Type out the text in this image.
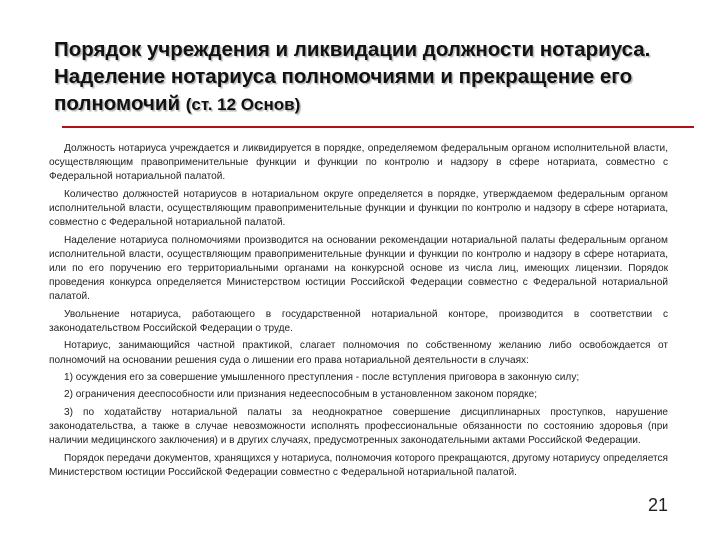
Порядок учреждения и ликвидации должности нотариуса. Наделение нотариуса полномочиями и прекращение его полномочий (ст. 12 Основ)

Должность нотариуса учреждается и ликвидируется в порядке, определяемом федеральным органом исполнительной власти, осуществляющим правоприменительные функции и функции по контролю и надзору в сфере нотариата, совместно с Федеральной нотариальной палатой.

Количество должностей нотариусов в нотариальном округе определяется в порядке, утверждаемом федеральным органом исполнительной власти, осуществляющим правоприменительные функции и функции по контролю и надзору в сфере нотариата, совместно с Федеральной нотариальной палатой.

Наделение нотариуса полномочиями производится на основании рекомендации нотариальной палаты федеральным органом исполнительной власти, осуществляющим правоприменительные функции и функции по контролю и надзору в сфере нотариата, или по его поручению его территориальными органами на конкурсной основе из числа лиц, имеющих лицензии. Порядок проведения конкурса определяется Министерством юстиции Российской Федерации совместно с Федеральной нотариальной палатой.

Увольнение нотариуса, работающего в государственной нотариальной конторе, производится в соответствии с законодательством Российской Федерации о труде.

Нотариус, занимающийся частной практикой, слагает полномочия по собственному желанию либо освобождается от полномочий на основании решения суда о лишении его права нотариальной деятельности в случаях:

1) осуждения его за совершение умышленного преступления - после вступления приговора в законную силу;

2) ограничения дееспособности или признания недееспособным в установленном законом порядке;

3) по ходатайству нотариальной палаты за неоднократное совершение дисциплинарных проступков, нарушение законодательства, а также в случае невозможности исполнять профессиональные обязанности по состоянию здоровья (при наличии медицинского заключения) и в других случаях, предусмотренных законодательными актами Российской Федерации.

Порядок передачи документов, хранящихся у нотариуса, полномочия которого прекращаются, другому нотариусу определяется Министерством юстиции Российской Федерации совместно с Федеральной нотариальной палатой.

21
